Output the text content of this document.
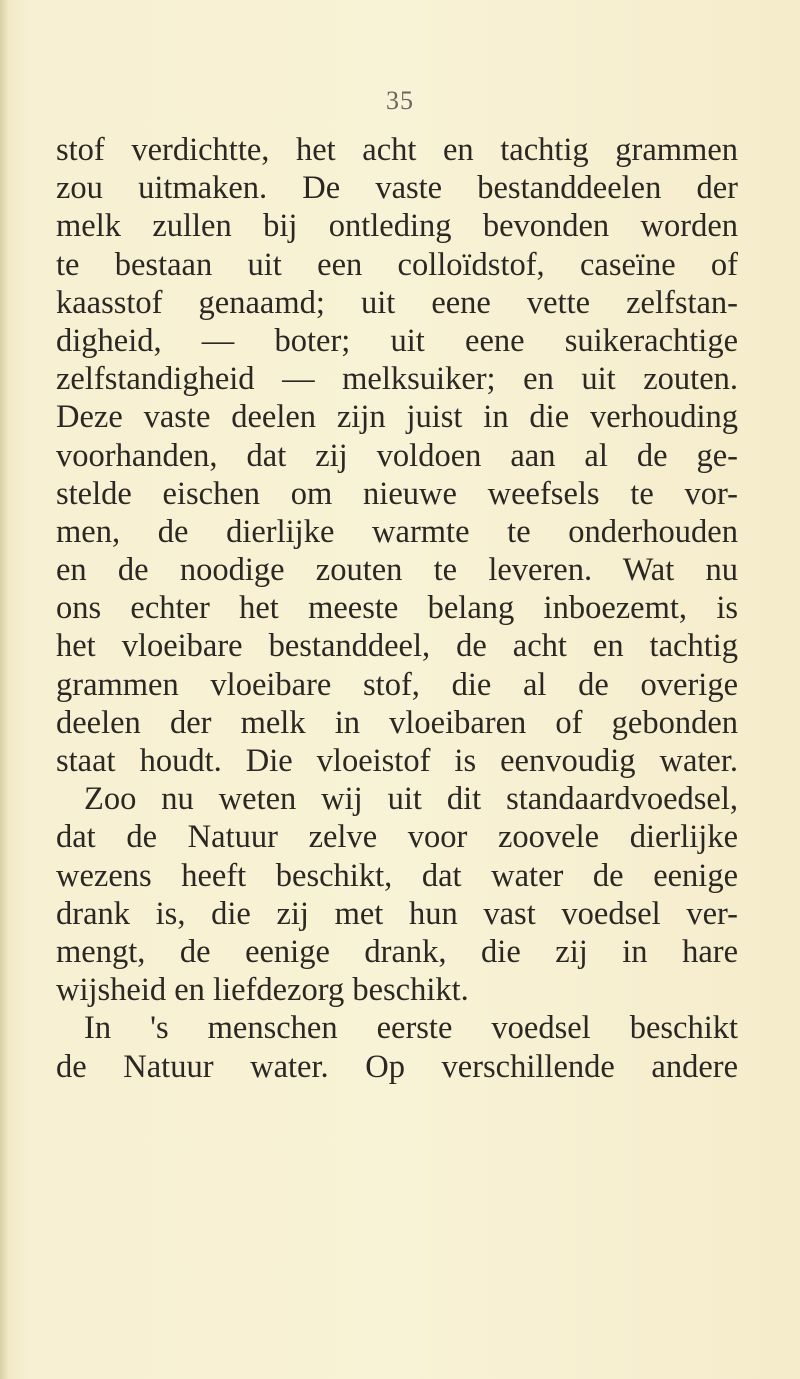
35
stof verdichtte, het acht en tachtig grammen
zou uitmaken. De vaste bestanddeelen der
melk zullen bij ontleding bevonden worden
te bestaan uit een colloïdstof, caseïne of
kaasstof genaamd; uit eene vette zelfstan-
digheid, — boter; uit eene suikerachtige
zelfstandigheid — melksuiker; en uit zouten.
Deze vaste deelen zijn juist in die verhouding
voorhanden, dat zij voldoen aan al de ge-
stelde eischen om nieuwe weefsels te vor-
men, de dierlijke warmte te onderhouden
en de noodige zouten te leveren. Wat nu
ons echter het meeste belang inboezemt, is
het vloeibare bestanddeel, de acht en tachtig
grammen vloeibare stof, die al de overige
deelen der melk in vloeibaren of gebonden
staat houdt. Die vloeistof is eenvoudig water.
Zoo nu weten wij uit dit standaardvoedsel,
dat de Natuur zelve voor zoovele dierlijke
wezens heeft beschikt, dat water de eenige
drank is, die zij met hun vast voedsel ver-
mengt, de eenige drank, die zij in hare
wijsheid en liefdezorg beschikt.
In 's menschen eerste voedsel beschikt
de Natuur water. Op verschillende andere
